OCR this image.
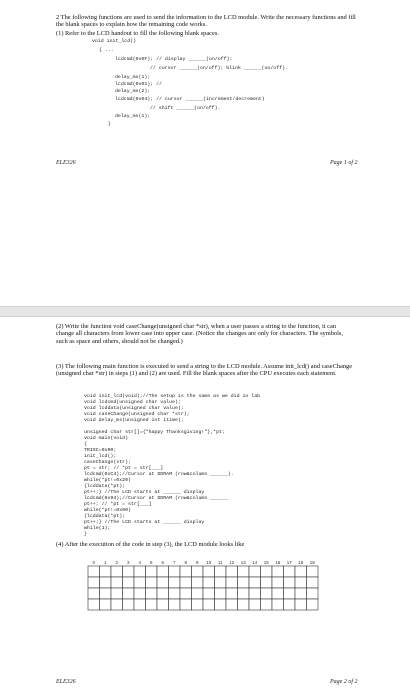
2 The following functions are used to send the information to the LCD module. Write the necessary functions and fill the blank spaces to explain how the remaining code works.
(1) Refer to the LCD handout to fill the following blank spaces.
void init_lcd()
{ ...
lcdcmd(0x0F); // display ______(on/off);
// cursor ______(on/off); blink ______(on/off).
delay_ms(1);
lcdcmd(0x01); //
delay_ms(2);
lcdcmd(0x04); // cursor ______(increment/decrement)
// shift ______(on/off).
delay_ms(1);
}
ELE326	Page 1 of 2
(2) Write the function void caseChange(unsigned char *str), when a user passes a string to the function, it can change all characters from lower case into upper case. (Notice the changes are only for characters. The symbols, such as space and others, should not be changed.)
(3) The following main function is executed to send a string to the LCD module. Assume init_lcd() and caseChange (unsigned char *str) in steps (1) and (2) are used. Fill the blank spaces after the CPU executes each statement.
void init_lcd(void);//The setup is the same as we did in lab
void lcdcmd(unsigned char value);
void lcddata(unsigned char value);
void caseChange(unsigned char *str);
void delay_ms(unsigned int itime);
unsigned char str[]={"happy Thanksgiving!"},*pt;
void main(void)
{
TRISC=0x00;
init_lcd();
caseChange(str);
pt = str; // *pt = str[___]
lcdcmd(0xC4);//Cursor at DDRAM (row&column ______).
while(*pt!=0x20)
{lcddata(*pt);
pt++;} //The LCD starts at ______ display
lcdcmd(0x94);//Cursor at DDRAM (row&column ______
pt++; // *pt = str[___]
while(*pt!=0x00)
{lcddata(*pt);
pt++;} //The LCD starts at ______ display
while(1);
}
(4) After the execution of the code in step (3), the LCD module looks like
0 1 2 3 4 5 6 7 8 9 10 11 12 13 14 15 16 17 18 19
ELE326	Page 2 of 2
